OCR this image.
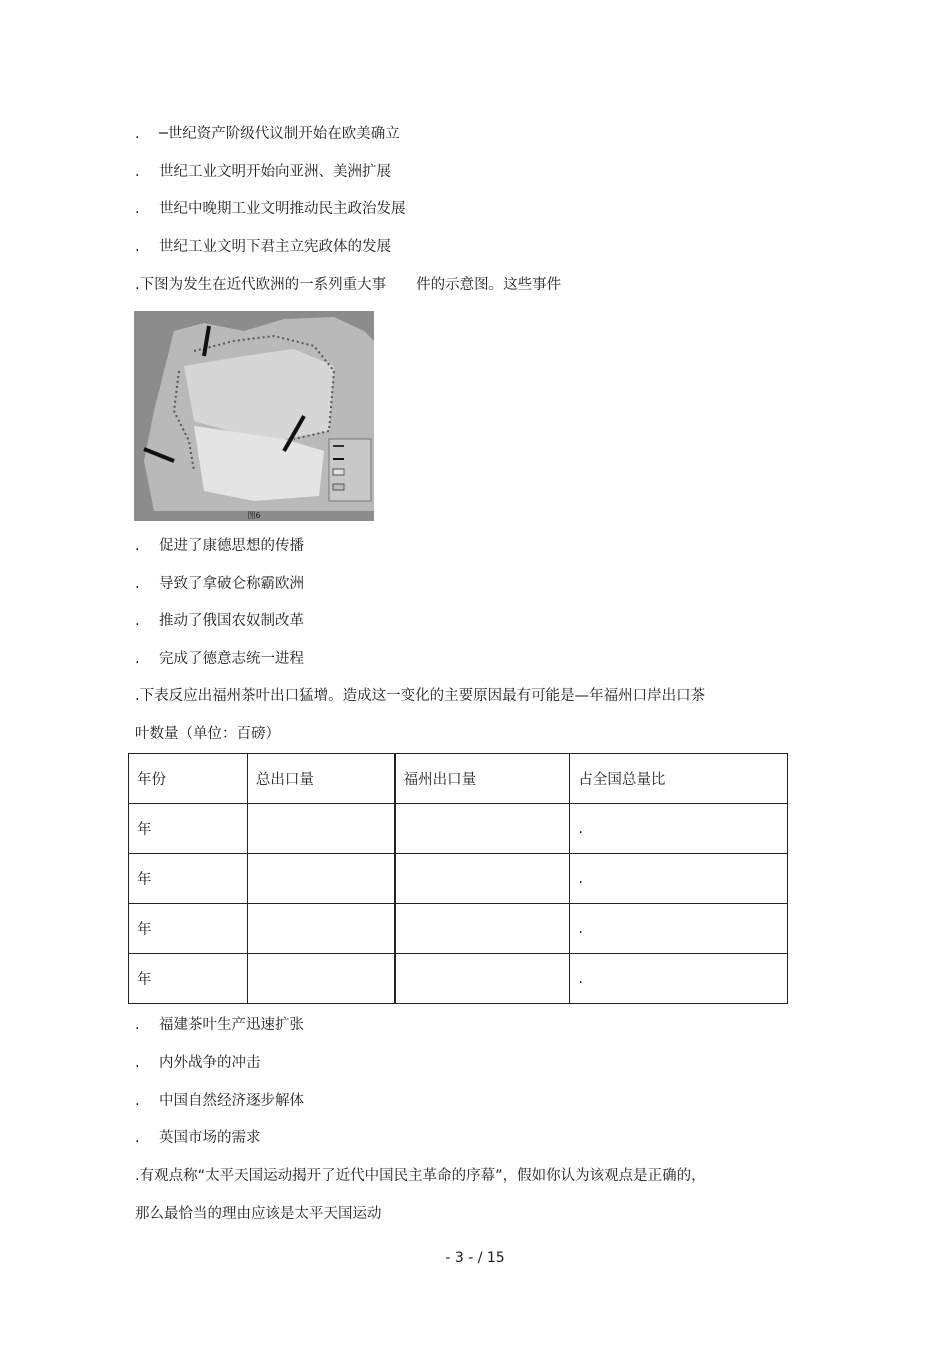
. ─世纪资产阶级代议制开始在欧美确立
. 世纪工业文明开始向亚洲、美洲扩展
. 世纪中晚期工业文明推动民主政治发展
. 世纪工业文明下君主立宪政体的发展
.下图为发生在近代欧洲的一系列重大事 件的示意图。这些事件
图6
. 促进了康德思想的传播
. 导致了拿破仑称霸欧洲
. 推动了俄国农奴制改革
. 完成了德意志统一进程
.下表反应出福州茶叶出口猛增。造成这一变化的主要原因最有可能是—年福州口岸出口茶
叶数量（单位：百磅）
年份	总出口量	福州出口量	占全国总量比
年			.
年			.
年			.
年			.
. 福建茶叶生产迅速扩张
. 内外战争的冲击
. 中国自然经济逐步解体
. 英国市场的需求
.有观点称“太平天国运动揭开了近代中国民主革命的序幕”，假如你认为该观点是正确的，
那么最恰当的理由应该是太平天国运动
- 3 - / 15
